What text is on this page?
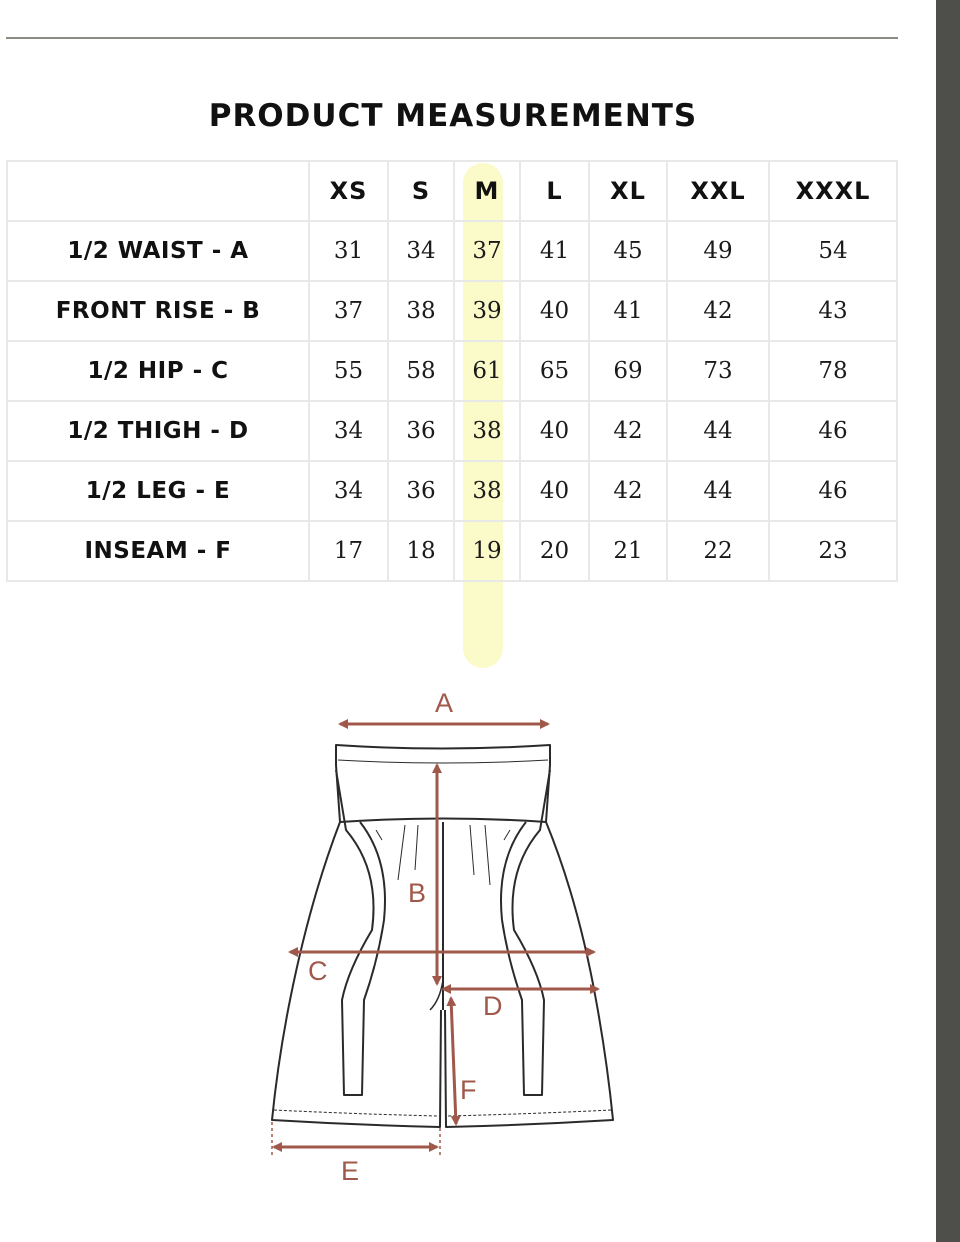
PRODUCT MEASUREMENTS
	XS	S	M	L	XL	XXL	XXXL
1/2 WAIST - A	31	34	37	41	45	49	54
FRONT RISE - B	37	38	39	40	41	42	43
1/2 HIP - C	55	58	61	65	69	73	78
1/2 THIGH - D	34	36	38	40	42	44	46
1/2 LEG - E	34	36	38	40	42	44	46
INSEAM - F	17	18	19	20	21	22	23
A
B
C
D
E
F
